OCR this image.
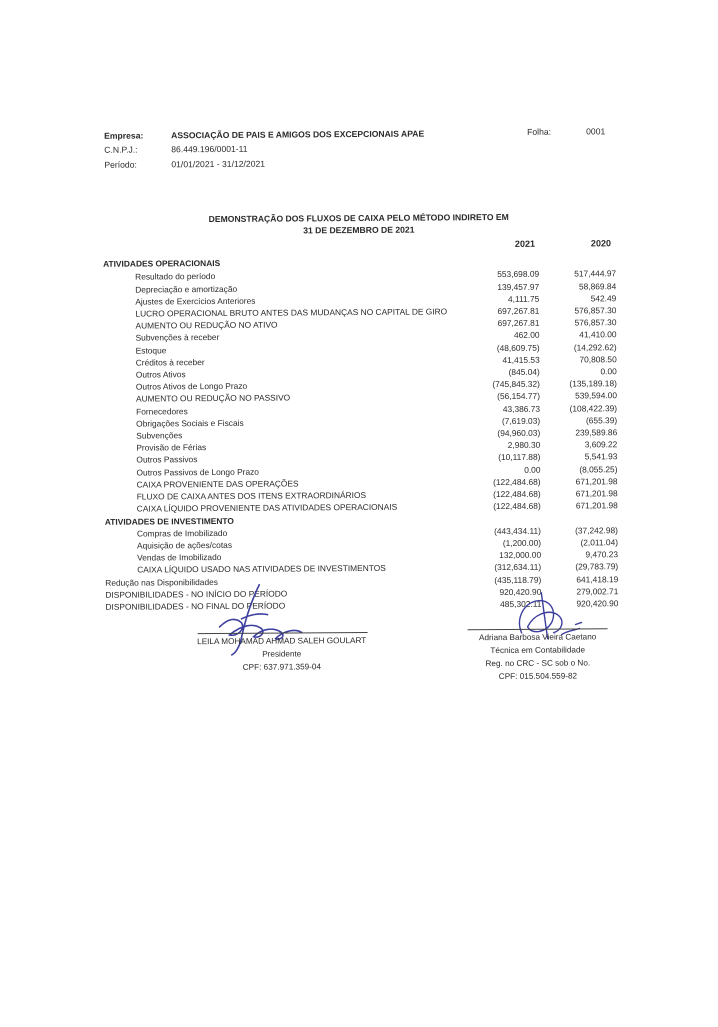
Empresa:	ASSOCIAÇÃO DE PAIS E AMIGOS DOS EXCEPCIONAIS APAE
C.N.P.J.:	86.449.196/0001-11
Período:	01/01/2021 - 31/12/2021
Folha:	0001
DEMONSTRAÇÃO DOS FLUXOS DE CAIXA PELO MÉTODO INDIRETO EM
31 DE DEZEMBRO DE 2021
2021	2020
ATIVIDADES OPERACIONAIS
Resultado do período	553,698.09	517,444.97
Depreciação e amortização	139,457.97	58,869.84
Ajustes de Exercícios Anteriores	4,111.75	542.49
LUCRO OPERACIONAL BRUTO ANTES DAS MUDANÇAS NO CAPITAL DE GIRO	697,267.81	576,857.30
AUMENTO OU REDUÇÃO NO ATIVO	697,267.81	576,857.30
Subvenções à receber	462.00	41,410.00
Estoque	(48,609.75)	(14,292.62)
Créditos à receber	41,415.53	70,808.50
Outros Ativos	(845.04)	0.00
Outros Ativos de Longo Prazo	(745,845.32)	(135,189.18)
AUMENTO OU REDUÇÃO NO PASSIVO	(56,154.77)	539,594.00
Fornecedores	43,386.73	(108,422.39)
Obrigações Sociais e Fiscais	(7,619.03)	(655.39)
Subvenções	(94,960.03)	239,589.86
Provisão de Férias	2,980.30	3,609.22
Outros Passivos	(10,117.88)	5,541.93
Outros Passivos de Longo Prazo	0.00	(8,055.25)
CAIXA PROVENIENTE DAS OPERAÇÕES	(122,484.68)	671,201.98
FLUXO DE CAIXA ANTES DOS ITENS EXTRAORDINÁRIOS	(122,484.68)	671,201.98
CAIXA LÍQUIDO PROVENIENTE DAS ATIVIDADES OPERACIONAIS	(122,484.68)	671,201.98
ATIVIDADES DE INVESTIMENTO
Compras de Imobilizado	(443,434.11)	(37,242.98)
Aquisição de ações/cotas	(1,200.00)	(2,011.04)
Vendas de Imobilizado	132,000.00	9,470.23
CAIXA LÍQUIDO USADO NAS ATIVIDADES DE INVESTIMENTOS	(312,634.11)	(29,783.79)
Redução nas Disponibilidades	(435,118.79)	641,418.19
DISPONIBILIDADES - NO INÍCIO DO PERÍODO	920,420.90	279,002.71
DISPONIBILIDADES - NO FINAL DO PERÍODO	485,302.11	920,420.90
LEILA MOHAMAD AHMAD SALEH GOULART
Presidente
CPF: 637.971.359-04
Adriana Barbosa Vieira Caetano
Técnica em Contabilidade
Reg. no CRC - SC sob o No.
CPF: 015.504.559-82
